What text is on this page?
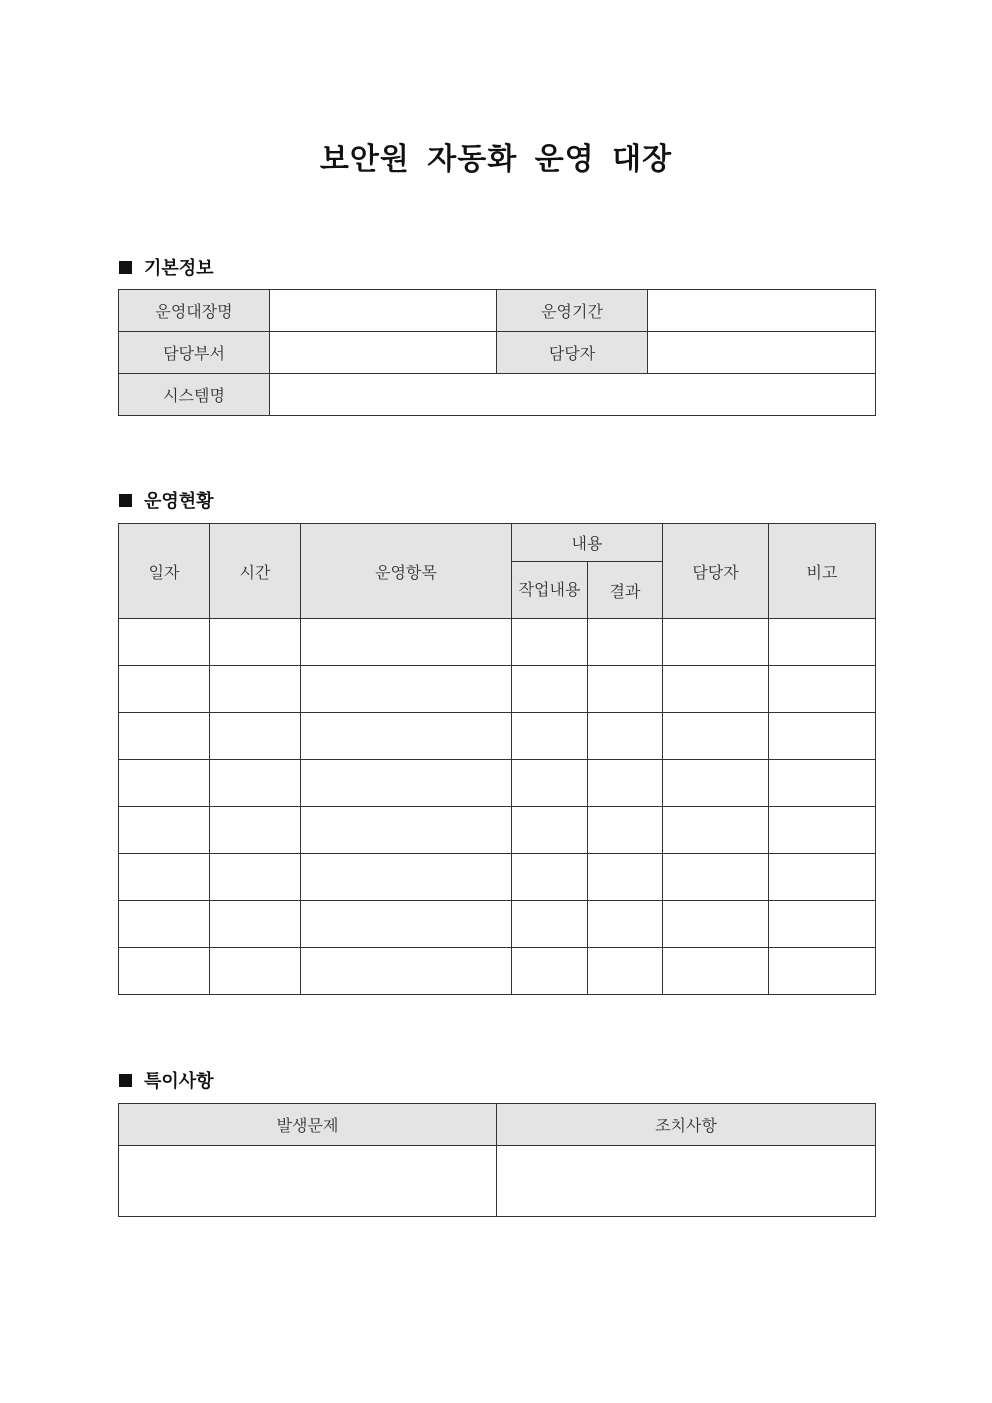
보안원 자동화 운영 대장
기본정보
운영대장명		운영기간	
담당부서		담당자	
시스템명			
운영현황
일자	시간	운영항목	내용		담당자	비고
			작업내용	결과		

특이사항
발생문제	조치사항
